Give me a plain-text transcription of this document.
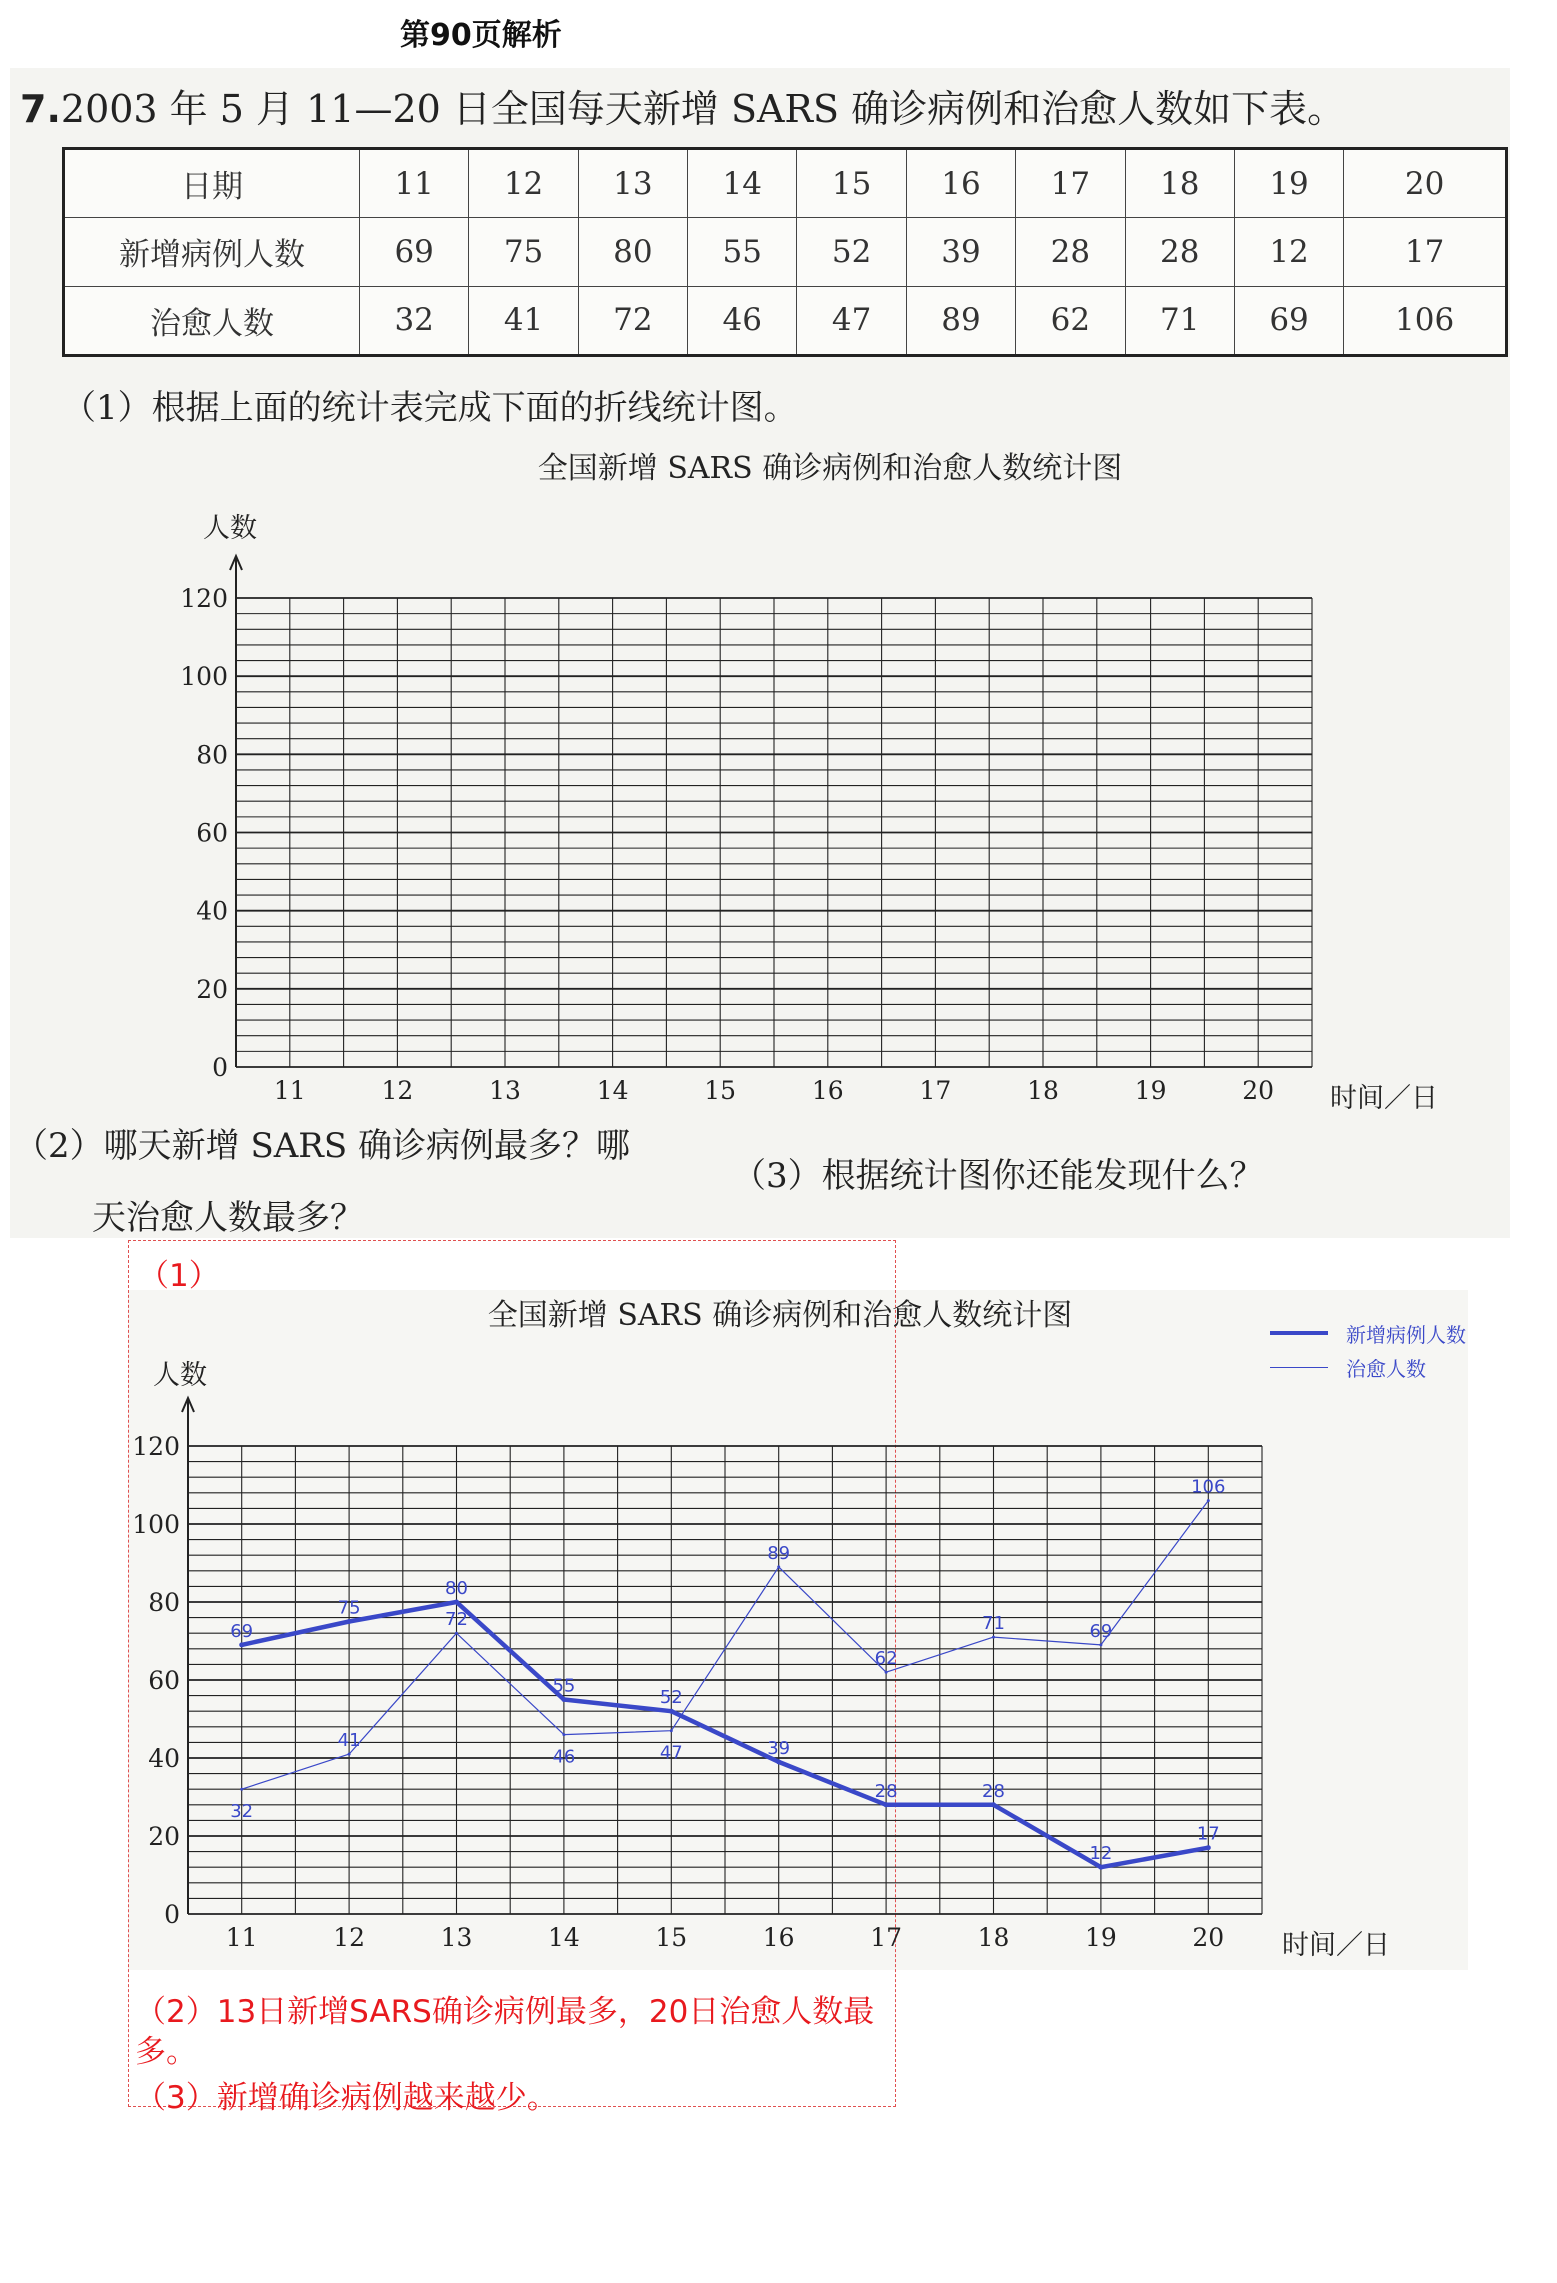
第90页解析
7.2003 年 5 月 11—20 日全国每天新增 SARS 确诊病例和治愈人数如下表。
日期	11	12	13	14	15	16	17	18	19	20
新增病例人数	69	75	80	55	52	39	28	28	12	17
治愈人数	32	41	72	46	47	89	62	71	69	106
（1）根据上面的统计表完成下面的折线统计图。
（2）哪天新增 SARS 确诊病例最多？哪
天治愈人数最多？
（3）根据统计图你还能发现什么？
（1）
（2）13日新增SARS确诊病例最多，20日治愈人数最
多。
（3）新增确诊病例越来越少。
全国新增 SARS 确诊病例和治愈人数统计图
人数
时间／日
0
20
40
60
80
100
120
11	12	13	14	15	16	17	18	19	20
全国新增 SARS 确诊病例和治愈人数统计图
人数
时间／日
0
20
40
60
80
100
120
11	12	13	14	15	16	17	18	19	20
69
75
80
55
52
39
28	28
12
17
32
41
72
46	47
89
62
71	69
106
新增病例人数
治愈人数
